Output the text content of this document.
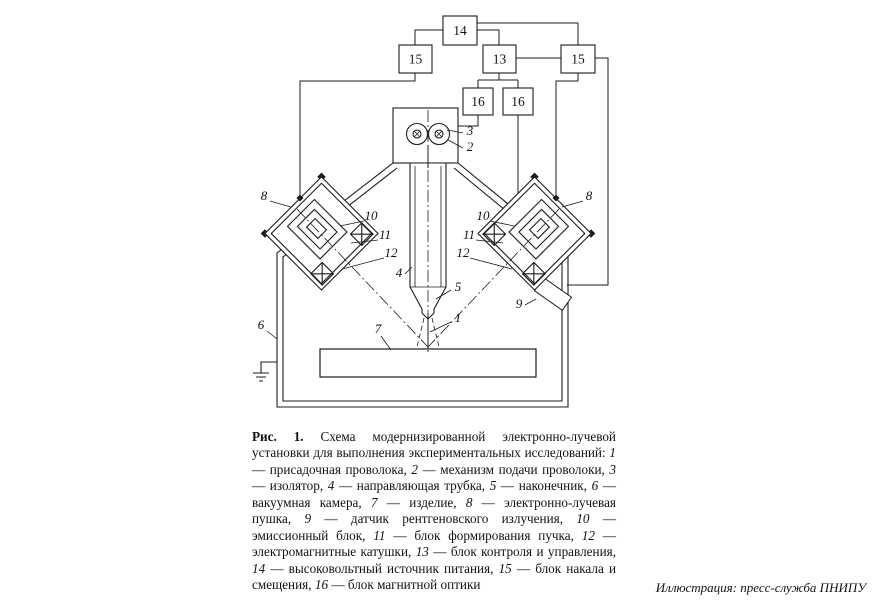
14
15	13	15
16 16
8	8
10	10
11	11
12	12
3
2
4
5
1
7
6
9
Рис. 1. Схема модернизированной электронно-лучевой установки для выполнения экспериментальных исследований: 1 — присадочная проволока, 2 — механизм подачи проволоки, 3 — изолятор, 4 — направляющая трубка, 5 — наконечник, 6 — вакуумная камера, 7 — изделие, 8 — электронно-лучевая пушка, 9 — датчик рентгеновского излучения, 10 — эмиссионный блок, 11 — блок формирования пучка, 12 — электромагнитные катушки, 13 — блок контроля и управления, 14 — высоковольтный источник питания, 15 — блок накала и смещения, 16 — блок магнитной оптики	Иллюстрация: пресс-служба ПНИПУ
